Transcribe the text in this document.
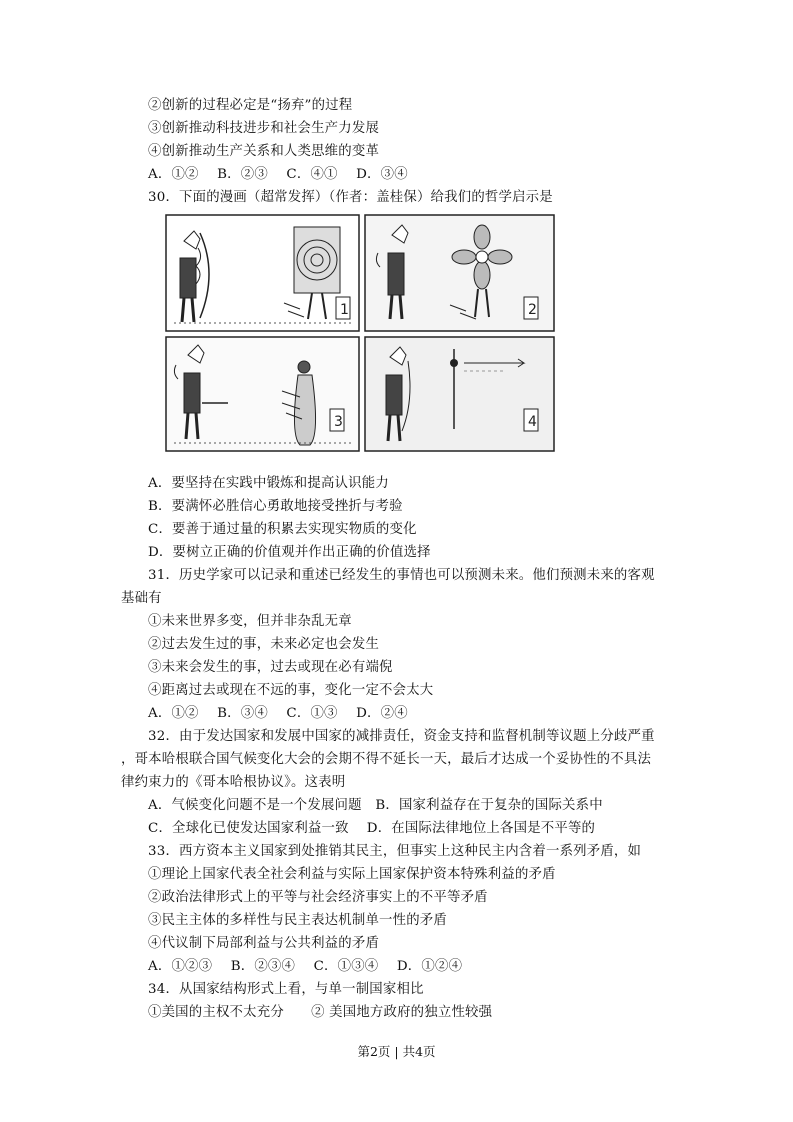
②创新的过程必定是“扬弃”的过程
③创新推动科技进步和社会生产力发展
④创新推动生产关系和人类思维的变革
A．①② B．②③ C．④① D．③④
30．下面的漫画（超常发挥）（作者：盖桂保）给我们的哲学启示是
1	2
3	4
A．要坚持在实践中锻炼和提高认识能力
B．要满怀必胜信心勇敢地接受挫折与考验
C．要善于通过量的积累去实现实物质的变化
D．要树立正确的价值观并作出正确的价值选择
31．历史学家可以记录和重述已经发生的事情也可以预测未来。他们预测未来的客观
基础有
①未来世界多变，但并非杂乱无章
②过去发生过的事，未来必定也会发生
③未来会发生的事，过去或现在必有端倪
④距离过去或现在不远的事，变化一定不会太大
A．①② B．③④ C．①③ D．②④
32．由于发达国家和发展中国家的减排责任，资金支持和监督机制等议题上分歧严重
，哥本哈根联合国气候变化大会的会期不得不延长一天，最后才达成一个妥协性的不具法
律约束力的《哥本哈根协议》。这表明
A．气候变化问题不是一个发展问题　B．国家利益存在于复杂的国际关系中
C．全球化已使发达国家利益一致　 D．在国际法律地位上各国是不平等的
33．西方资本主义国家到处推销其民主，但事实上这种民主内含着一系列矛盾，如
①理论上国家代表全社会利益与实际上国家保护资本特殊利益的矛盾
②政治法律形式上的平等与社会经济事实上的不平等矛盾
③民主主体的多样性与民主表达机制单一性的矛盾
④代议制下局部利益与公共利益的矛盾
A．①②③ B．②③④ C．①③④ D．①②④
34．从国家结构形式上看，与单一制国家相比
①美国的主权不太充分　　② 美国地方政府的独立性较强
第2页 | 共4页
